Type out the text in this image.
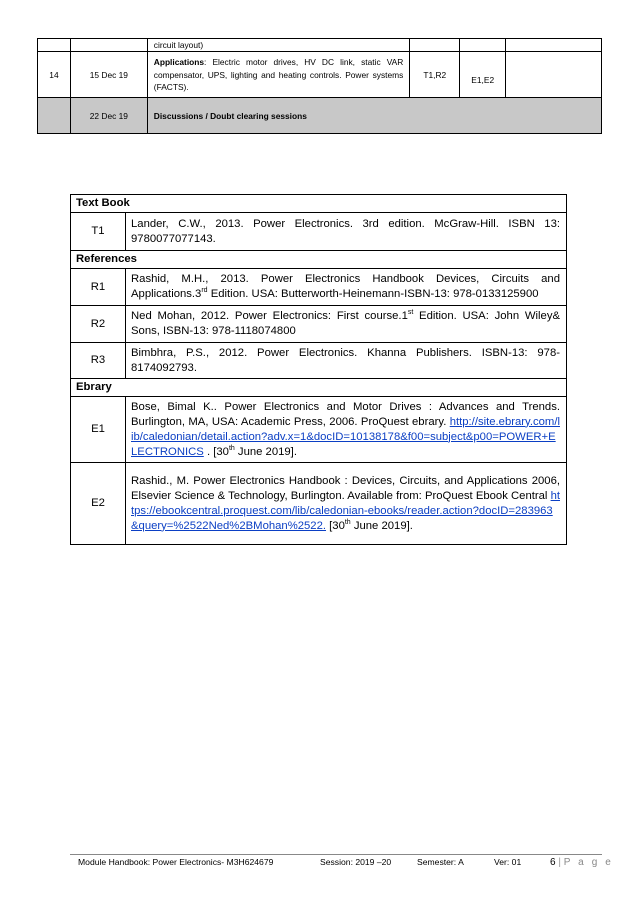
		circuit layout)			
14	15 Dec 19	Applications: Electric motor drives, HV DC link, static VAR compensator, UPS, lighting and heating controls. Power systems (FACTS).	T1,R2	E1,E2	
	22 Dec 19	Discussions / Doubt clearing sessions			
Text Book	
T1	Lander, C.W., 2013. Power Electronics. 3rd edition. McGraw-Hill. ISBN 13: 9780077077143.
References	
R1	Rashid, M.H., 2013. Power Electronics Handbook Devices, Circuits and Applications.3rd Edition. USA: Butterworth-Heinemann-ISBN-13: 978-0133125900
R2	Ned Mohan, 2012. Power Electronics: First course.1st Edition. USA: John Wiley& Sons, ISBN-13: 978-1118074800
R3	Bimbhra, P.S., 2012. Power Electronics. Khanna Publishers. ISBN-13: 978-8174092793.
Ebrary	
E1	Bose, Bimal K.. Power Electronics and Motor Drives : Advances and Trends. Burlington, MA, USA: Academic Press, 2006. ProQuest ebrary. http://site.ebrary.com/lib/caledonian/detail.action?adv.x=1&docID=10138178&f00=subject&p00=POWER+ELECTRONICS . [30th June 2019].
E2	Rashid., M. Power Electronics Handbook : Devices, Circuits, and Applications 2006, Elsevier Science & Technology, Burlington. Available from: ProQuest Ebook Central https://ebookcentral.proquest.com/lib/caledonian-ebooks/reader.action?docID=283963&query=%2522Ned%2BMohan%2522. [30th June 2019].
Module Handbook: Power Electronics- M3H624679	Session: 2019 –20	Semester: A	Ver: 01	6 | P a g e
